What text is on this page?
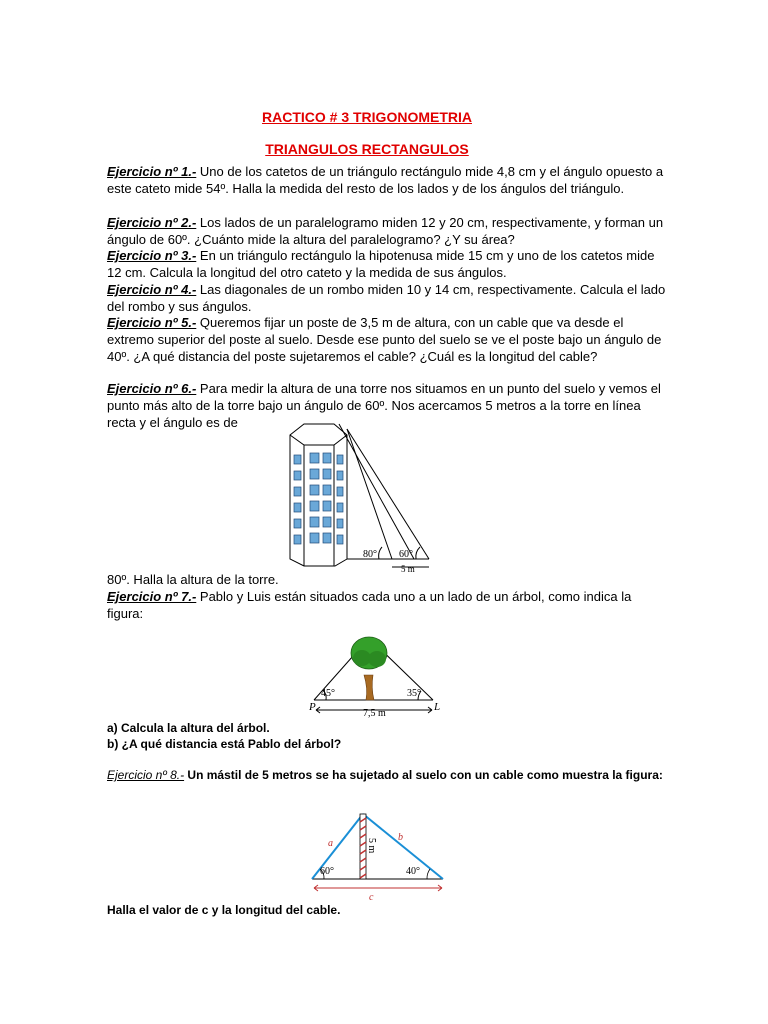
RACTICO # 3 TRIGONOMETRIA
TRIANGULOS RECTANGULOS
Ejercicio nº 1.- Uno de los catetos de un triángulo rectángulo mide 4,8 cm y el ángulo opuesto a este cateto mide 54º. Halla la medida del resto de los lados y de los ángulos del triángulo.
Ejercicio nº 2.- Los lados de un paralelogramo miden 12 y 20 cm, respectivamente, y forman un ángulo de 60º. ¿Cuánto mide la altura del paralelogramo? ¿Y su área?
Ejercicio nº 3.- En un triángulo rectángulo la hipotenusa mide 15 cm y uno de los catetos mide 12 cm. Calcula la longitud del otro cateto y la medida de sus ángulos.
Ejercicio nº 4.- Las diagonales de un rombo miden 10 y 14 cm, respectivamente. Calcula el lado del rombo y sus ángulos.
Ejercicio nº 5.- Queremos fijar un poste de 3,5 m de altura, con un cable que va desde el extremo superior del poste al suelo. Desde ese punto del suelo se ve el poste bajo un ángulo de 40º. ¿A qué distancia del poste sujetaremos el cable? ¿Cuál es la longitud del cable?
Ejercicio nº 6.- Para medir la altura de una torre nos situamos en un punto del suelo y vemos el punto más alto de la torre bajo un ángulo de 60º. Nos acercamos 5 metros a la torre en línea recta y el ángulo es de
80° 60°
5 m
80º. Halla la altura de la torre.
Ejercicio nº 7.- Pablo y Luis están situados cada uno a un lado de un árbol, como indica la figura:
45°	35°
P	L
7,5 m
a) Calcula la altura del árbol.
b) ¿A qué distancia está Pablo del árbol?
Ejercicio nº 8.- Un mástil de 5 metros se ha sujetado al suelo con un cable como muestra la figura:
a
b
c
5 m
60°	40°
Halla el valor de c y la longitud del cable.
